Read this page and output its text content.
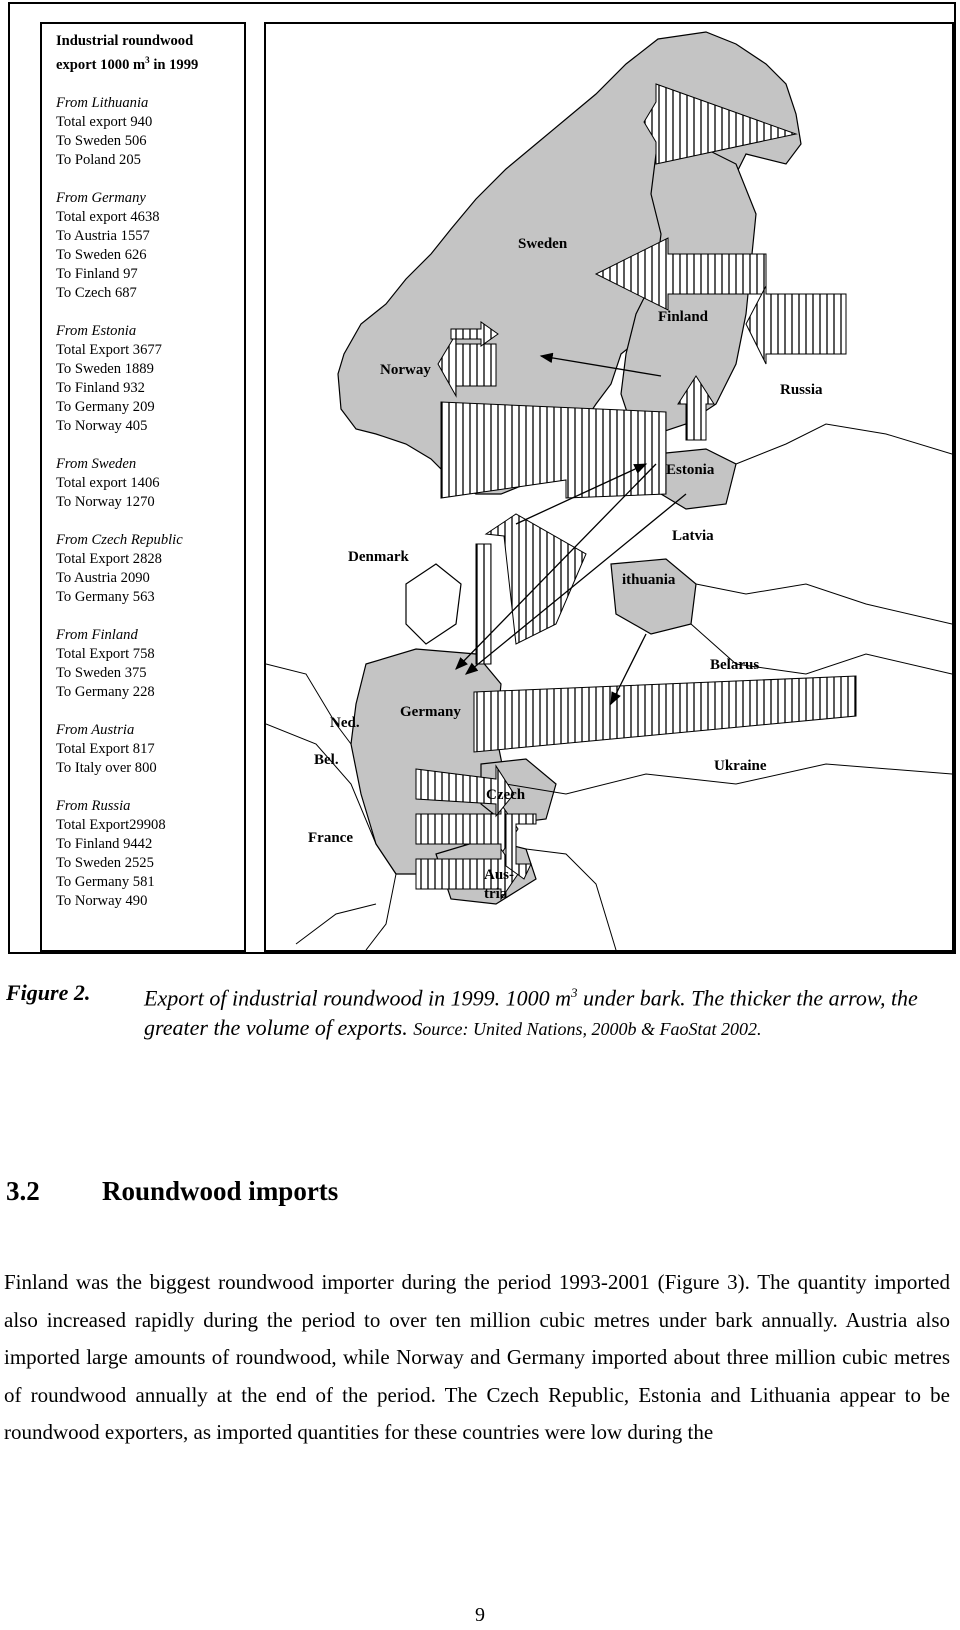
Industrial roundwood
export 1000 $m^3$ in 1999
From Lithuania
Total export 940
To Sweden 506
To Poland 205
From Germany
Total export 4638
To Austria 1557
To Sweden 626
To Finland 97
To Czech 687
From Estonia
Total Export 3677
To Sweden 1889
To Finland 932
To Germany 209
To Norway 405
From Sweden
Total export 1406
To Norway 1270
From Czech Republic
Total Export 2828
To Austria 2090
To Germany 563
From Finland
Total Export 758
To Sweden 375
To Germany 228
From Austria
Total Export 817
To Italy over 800
From Russia
Total Export29908
To Finland 9442
To Sweden 2525
To Germany 581
To Norway 490
Sweden
Finland
Norway
Russia
Estonia
Latvia
ithuania
Denmark
Belarus
Germany
Ned.
Bel.	Ukraine
Czech
France
Aus-
tria
Figure 2. Export of industrial roundwood in 1999. 1000 $m^3$ under bark. The thicker the arrow, the greater the volume of exports. Source: United Nations, 2000b & FaoStat 2002.
3.2 Roundwood imports
Finland was the biggest roundwood importer during the period 1993-2001 (Figure 3). The quantity imported also increased rapidly during the period to over ten million cubic metres under bark annually. Austria also imported large amounts of roundwood, while Norway and Germany imported about three million cubic metres of roundwood annually at the end of the period. The Czech Republic, Estonia and Lithuania appear to be roundwood exporters, as imported quantities for these countries were low during the
9
